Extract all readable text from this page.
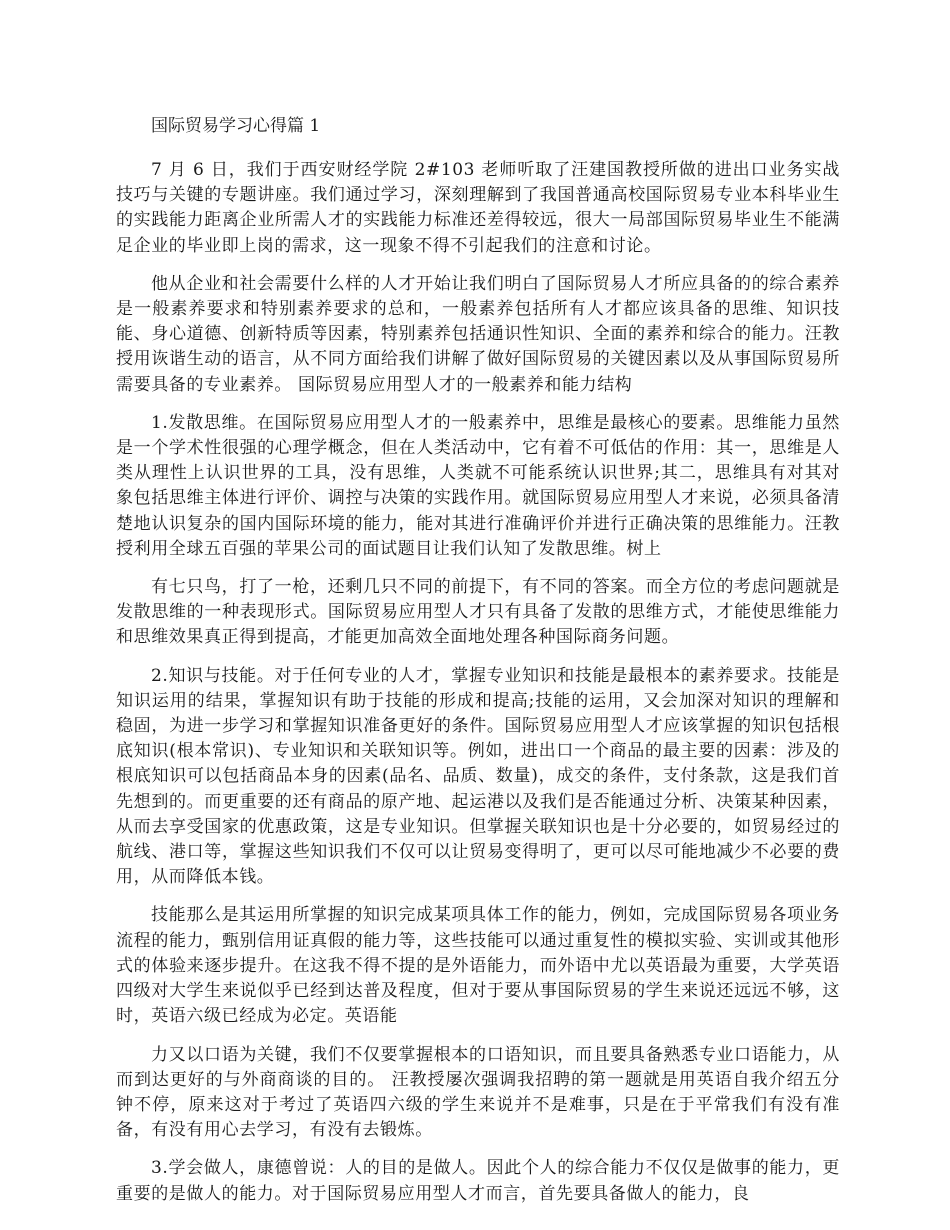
国际贸易学习心得篇 1

7 月 6 日，我们于西安财经学院 2#103 老师听取了汪建国教授所做的进出口业务实战技巧与关键的专题讲座。我们通过学习，深刻理解到了我国普通高校国际贸易专业本科毕业生的实践能力距离企业所需人才的实践能力标准还差得较远，很大一局部国际贸易毕业生不能满足企业的毕业即上岗的需求，这一现象不得不引起我们的注意和讨论。

他从企业和社会需要什么样的人才开始让我们明白了国际贸易人才所应具备的的综合素养是一般素养要求和特别素养要求的总和，一般素养包括所有人才都应该具备的思维、知识技能、身心道德、创新特质等因素，特别素养包括通识性知识、全面的素养和综合的能力。汪教授用诙谐生动的语言，从不同方面给我们讲解了做好国际贸易的关键因素以及从事国际贸易所需要具备的专业素养。 国际贸易应用型人才的一般素养和能力结构

1.发散思维。在国际贸易应用型人才的一般素养中，思维是最核心的要素。思维能力虽然是一个学术性很强的心理学概念，但在人类活动中，它有着不可低估的作用：其一，思维是人类从理性上认识世界的工具，没有思维，人类就不可能系统认识世界;其二，思维具有对其对象包括思维主体进行评价、调控与决策的实践作用。就国际贸易应用型人才来说，必须具备清楚地认识复杂的国内国际环境的能力，能对其进行准确评价并进行正确决策的思维能力。汪教授利用全球五百强的苹果公司的面试题目让我们认知了发散思维。树上

有七只鸟，打了一枪，还剩几只不同的前提下，有不同的答案。而全方位的考虑问题就是发散思维的一种表现形式。国际贸易应用型人才只有具备了发散的思维方式，才能使思维能力和思维效果真正得到提高，才能更加高效全面地处理各种国际商务问题。

2.知识与技能。对于任何专业的人才，掌握专业知识和技能是最根本的素养要求。技能是知识运用的结果，掌握知识有助于技能的形成和提高;技能的运用，又会加深对知识的理解和稳固，为进一步学习和掌握知识准备更好的条件。国际贸易应用型人才应该掌握的知识包括根底知识(根本常识)、专业知识和关联知识等。例如，进出口一个商品的最主要的因素：涉及的根底知识可以包括商品本身的因素(品名、品质、数量)，成交的条件，支付条款，这是我们首先想到的。而更重要的还有商品的原产地、起运港以及我们是否能通过分析、决策某种因素，从而去享受国家的优惠政策，这是专业知识。但掌握关联知识也是十分必要的，如贸易经过的航线、港口等，掌握这些知识我们不仅可以让贸易变得明了，更可以尽可能地减少不必要的费用，从而降低本钱。

技能那么是其运用所掌握的知识完成某项具体工作的能力，例如，完成国际贸易各项业务流程的能力，甄别信用证真假的能力等，这些技能可以通过重复性的模拟实验、实训或其他形式的体验来逐步提升。在这我不得不提的是外语能力，而外语中尤以英语最为重要，大学英语四级对大学生来说似乎已经到达普及程度，但对于要从事国际贸易的学生来说还远远不够，这时，英语六级已经成为必定。英语能

力又以口语为关键，我们不仅要掌握根本的口语知识，而且要具备熟悉专业口语能力，从而到达更好的与外商商谈的目的。 汪教授屡次强调我招聘的第一题就是用英语自我介绍五分钟不停，原来这对于考过了英语四六级的学生来说并不是难事，只是在于平常我们有没有准备，有没有用心去学习，有没有去锻炼。

3.学会做人，康德曾说：人的目的是做人。因此个人的综合能力不仅仅是做事的能力，更重要的是做人的能力。对于国际贸易应用型人才而言，首先要具备做人的能力，良
